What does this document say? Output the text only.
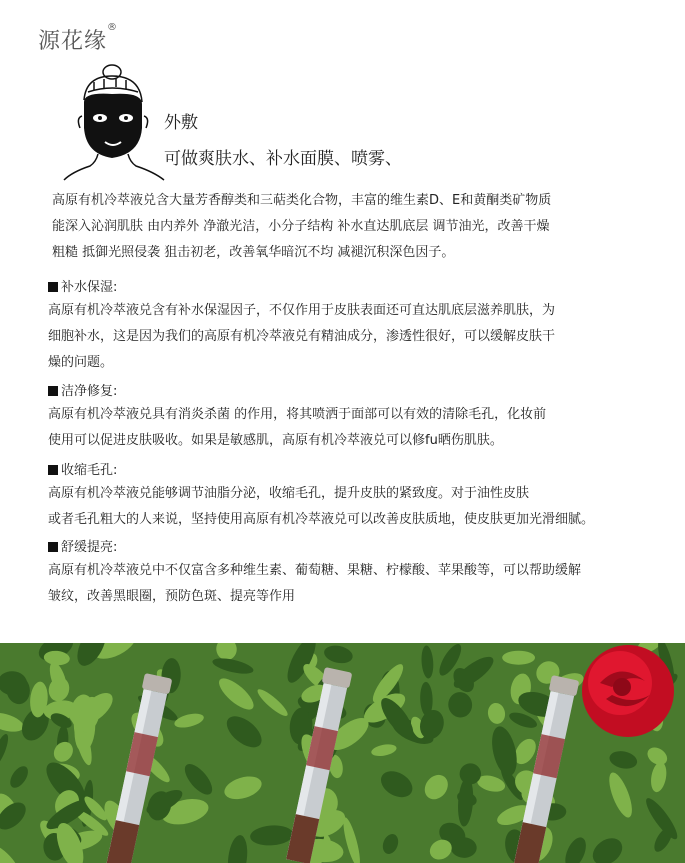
源花缘®
外敷
可做爽肤水、补水面膜、喷雾、

高原有机冷萃液兑含大量芳香醇类和三萜类化合物，丰富的维生素D、E和黄酮类矿物质

能深入沁润肌肤 由内养外 净澈光洁，小分子结构 补水直达肌底层 调节油光，改善干燥

粗糙 抵御光照侵袭 狙击初老，改善氧华暗沉不均 减褪沉积深色因子。

补水保湿:

高原有机冷萃液兑含有补水保湿因子，不仅作用于皮肤表面还可直达肌底层滋养肌肤，为

细胞补水，这是因为我们的高原有机冷萃液兑有精油成分，渗透性很好，可以缓解皮肤干

燥的问题。

洁净修复:

高原有机冷萃液兑具有消炎杀菌 的作用，将其喷洒于面部可以有效的清除毛孔，化妆前

使用可以促进皮肤吸收。如果是敏感肌，高原有机冷萃液兑可以修fu晒伤肌肤。

收缩毛孔:

高原有机冷萃液兑能够调节油脂分泌，收缩毛孔，提升皮肤的紧致度。对于油性皮肤

或者毛孔粗大的人来说，坚持使用高原有机冷萃液兑可以改善皮肤质地，使皮肤更加光滑细腻。

舒缓提亮:

高原有机冷萃液兑中不仅富含多种维生素、葡萄糖、果糖、柠檬酸、苹果酸等，可以帮助缓解

皱纹，改善黑眼圈，预防色斑、提亮等作用
